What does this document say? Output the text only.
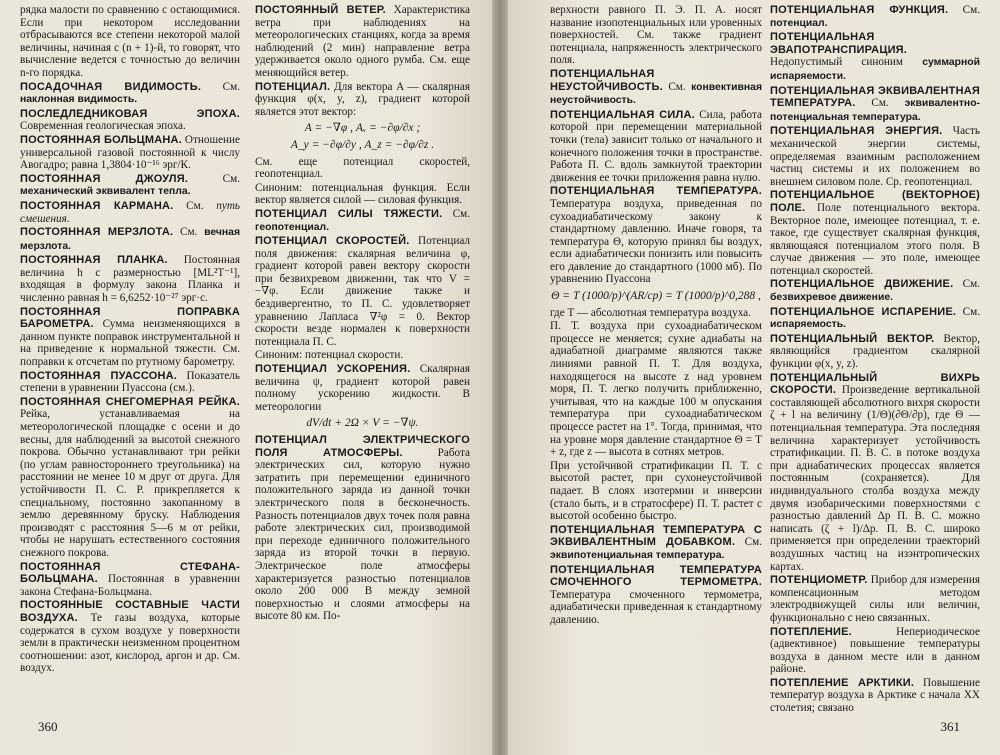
рядка малости по сравнению с остающимися. Если при некотором исследовании отбрасываются все степени некоторой малой величины, начиная с (n + 1)-й, то говорят, что вычисление ведется с точностью до величин n-го порядка.

ПОСАДОЧНАЯ ВИДИМОСТЬ. См. наклонная видимость.

ПОСЛЕДЛЕДНИКОВАЯ ЭПОХА. Современная геологическая эпоха.

ПОСТОЯННАЯ БОЛЬЦМАНА. Отношение универсальной газовой постоянной к числу Авогадро; равна 1,3804·10⁻¹⁶ эрг/К.

ПОСТОЯННАЯ ДЖОУЛЯ.	См. механический эквивалент тепла.

ПОСТОЯННАЯ КАРМАНА. См. путь смешения.

ПОСТОЯННАЯ МЕРЗЛОТА. См. вечная мерзлота.

ПОСТОЯННАЯ ПЛАНКА. Постоянная величина h с размерностью [ML²T⁻¹], входящая в формулу закона Планка и численно равная h = 6,6252·10⁻²⁷ эрг·с.

ПОСТОЯННАЯ ПОПРАВКА БАРОМЕТРА. Сумма неизменяющихся в данном пункте поправок инструментальной и на приведение к нормальной тяжести. См. поправки к отсчетам по ртутному барометру.

ПОСТОЯННАЯ ПУАССОНА. Показатель степени в уравнении Пуассона (см.).

ПОСТОЯННАЯ СНЕГОМЕРНАЯ РЕЙКА. Рейка, устанавливаемая на метеорологической площадке с осени и до весны, для наблюдений за высотой снежного покрова. Обычно устанавливают три рейки (по углам равностороннего треугольника) на расстоянии не менее 10 м друг от друга. Для устойчивости П. С. Р. прикрепляется к специальному, постоянно закопанному в землю деревянному бруску. Наблюдения производят с расстояния 5—6 м от рейки, чтобы не нарушать естественного состояния снежного покрова.

ПОСТОЯННАЯ СТЕФАНА-БОЛЬЦМАНА. Постоянная в уравнении закона Стефана-Больцмана.

ПОСТОЯННЫЕ СОСТАВНЫЕ ЧАСТИ ВОЗДУХА. Те газы воздуха, которые содержатся в сухом воздухе у поверхности земли в практически неизменном процентном соотношении: азот, кислород, аргон и др. См. воздух.

ПОСТОЯННЫЙ ВЕТЕР. Характеристика ветра при наблюдениях на метеорологических станциях, когда за время наблюдений (2 мин) направление ветра удерживается около одного румба. См. еще меняющийся ветер.

ПОТЕНЦИАЛ. Для вектора A — скалярная функция φ(x, y, z), градиент которой является этот вектор:

A = −∇φ , Aₓ = −∂φ/∂x ;

A_y = −∂φ/∂y , A_z = −∂φ/∂z .

См. еще потенциал скоростей, геопотенциал.

Синоним: потенциальная функция. Если вектор является силой — силовая функция.

ПОТЕНЦИАЛ СИЛЫ ТЯЖЕСТИ. См. геопотенциал.

ПОТЕНЦИАЛ СКОРОСТЕЙ. Потенциал поля движения: скалярная величина φ, градиент которой равен вектору скорости при безвихревом движении, так что V = −∇φ. Если движение также и бездивергентно, то П. С. удовлетворяет уравнению Лапласа ∇²φ = 0. Вектор скорости везде нормален к поверхности потенциала П. С.

Синоним: потенциал скорости.

ПОТЕНЦИАЛ УСКОРЕНИЯ. Скалярная величина ψ, градиент которой равен полному ускорению жидкости. В метеорологии

dV/dt + 2Ω × V = −∇ψ.

ПОТЕНЦИАЛ ЭЛЕКТРИЧЕСКОГО ПОЛЯ АТМОСФЕРЫ.	Работа электрических сил, которую нужно затратить при перемещении единичного положительного заряда из данной точки электрического поля в бесконечность. Разность потенциалов двух точек поля равна работе электрических сил, производимой при переходе единичного положительного заряда из второй точки в первую. Электрическое поле атмосферы характеризуется разностью потенциалов около 200 000 В между земной поверхностью и слоями атмосферы на высоте 80 км. По-

360

верхности равного П. Э. П. А. носят название изопотенциальных или уровенных поверхностей. См. также градиент потенциала, напряженность электрического поля.

ПОТЕНЦИАЛЬНАЯ НЕУСТОЙЧИВОСТЬ. См. конвективная неустойчивость.

ПОТЕНЦИАЛЬНАЯ СИЛА. Сила, работа которой при перемещении материальной точки (тела) зависит только от начального и конечного положения точки в пространстве. Работа П. С. вдоль замкнутой траектории движения ее точки приложения равна нулю.

ПОТЕНЦИАЛЬНАЯ ТЕМПЕРАТУРА. Температура воздуха, приведенная по сухоадиабатическому закону к стандартному давлению. Иначе говоря, та температура Θ, которую принял бы воздух, если адиабатически понизить или повысить его давление до стандартного (1000 мб). По уравнению Пуассона

Θ = T (1000/p)^(AR/cp) = T (1000/p)^0,288 ,

где T — абсолютная температура воздуха.

П. Т. воздуха при сухоадиабатическом процессе не меняется; сухие адиабаты на адиабатной диаграмме являются также линиями равной П. Т. Для воздуха, находящегося на высоте z над уровнем моря, П. Т. легко получить приближенно, учитывая, что на каждые 100 м опускания температура при сухоадиабатическом процессе растет на 1°. Тогда, принимая, что на уровне моря давление стандартное Θ = T + z, где z — высота в сотнях метров.

При устойчивой стратификации П. Т. с высотой растет, при сухонеустойчивой падает. В слоях изотермии и инверсии (стало быть, и в стратосфере) П. Т. растет с высотой особенно быстро.

ПОТЕНЦИАЛЬНАЯ ТЕМПЕРАТУРА С ЭКВИВАЛЕНТНЫМ ДОБАВКОМ. См. эквипотенциальная температура.

ПОТЕНЦИАЛЬНАЯ ТЕМПЕРАТУРА СМОЧЕННОГО ТЕРМОМЕТРА. Температура смоченного термометра, адиабатически приведенная к стандартному давлению.

ПОТЕНЦИАЛЬНАЯ ФУНКЦИЯ. См. потенциал.

ПОТЕНЦИАЛЬНАЯ ЭВАПОТРАНСПИРАЦИЯ. Недопустимый синоним суммарной испаряемости.

ПОТЕНЦИАЛЬНАЯ ЭКВИВАЛЕНТНАЯ ТЕМПЕРАТУРА. См. эквивалентно-потенциальная температура.

ПОТЕНЦИАЛЬНАЯ ЭНЕРГИЯ. Часть механической энергии системы, определяемая взаимным расположением частиц системы и их положением во внешнем силовом поле. Ср. геопотенциал.

ПОТЕНЦИАЛЬНОЕ (ВЕКТОРНОЕ) ПОЛЕ. Поле потенциального вектора. Векторное поле, имеющее потенциал, т. е. такое, где существует скалярная функция, являющаяся потенциалом этого поля. В случае движения — это поле, имеющее потенциал скоростей.

ПОТЕНЦИАЛЬНОЕ ДВИЖЕНИЕ. См. безвихревое движение.

ПОТЕНЦИАЛЬНОЕ ИСПАРЕНИЕ. См. испаряемость.

ПОТЕНЦИАЛЬНЫЙ ВЕКТОР. Вектор, являющийся градиентом скалярной функции φ(x, y, z).

ПОТЕНЦИАЛЬНЫЙ ВИХРЬ СКОРОСТИ. Произведение вертикальной составляющей абсолютного вихря скорости ζ + l на величину (1/Θ)(∂Θ/∂p), где Θ — потенциальная температура. Эта последняя величина характеризует устойчивость стратификации. П. В. С. в потоке воздуха при адиабатических процессах является постоянным (сохраняется). Для индивидуального столба воздуха между двумя изобарическими поверхностями с разностью давлений Δp П. В. С. можно написать (ζ + l)/Δp. П. В. С. широко применяется при определении траекторий воздушных частиц на изэнтропических картах.

ПОТЕНЦИОМЕТР. Прибор для измерения компенсационным методом электродвижущей силы или величин, функционально с нею связанных.

ПОТЕПЛЕНИЕ.	Непериодическое (адвективное) повышение температуры воздуха в данном месте или в данном районе.

ПОТЕПЛЕНИЕ АРКТИКИ. Повышение температур воздуха в Арктике с начала XX столетия; связано

361
